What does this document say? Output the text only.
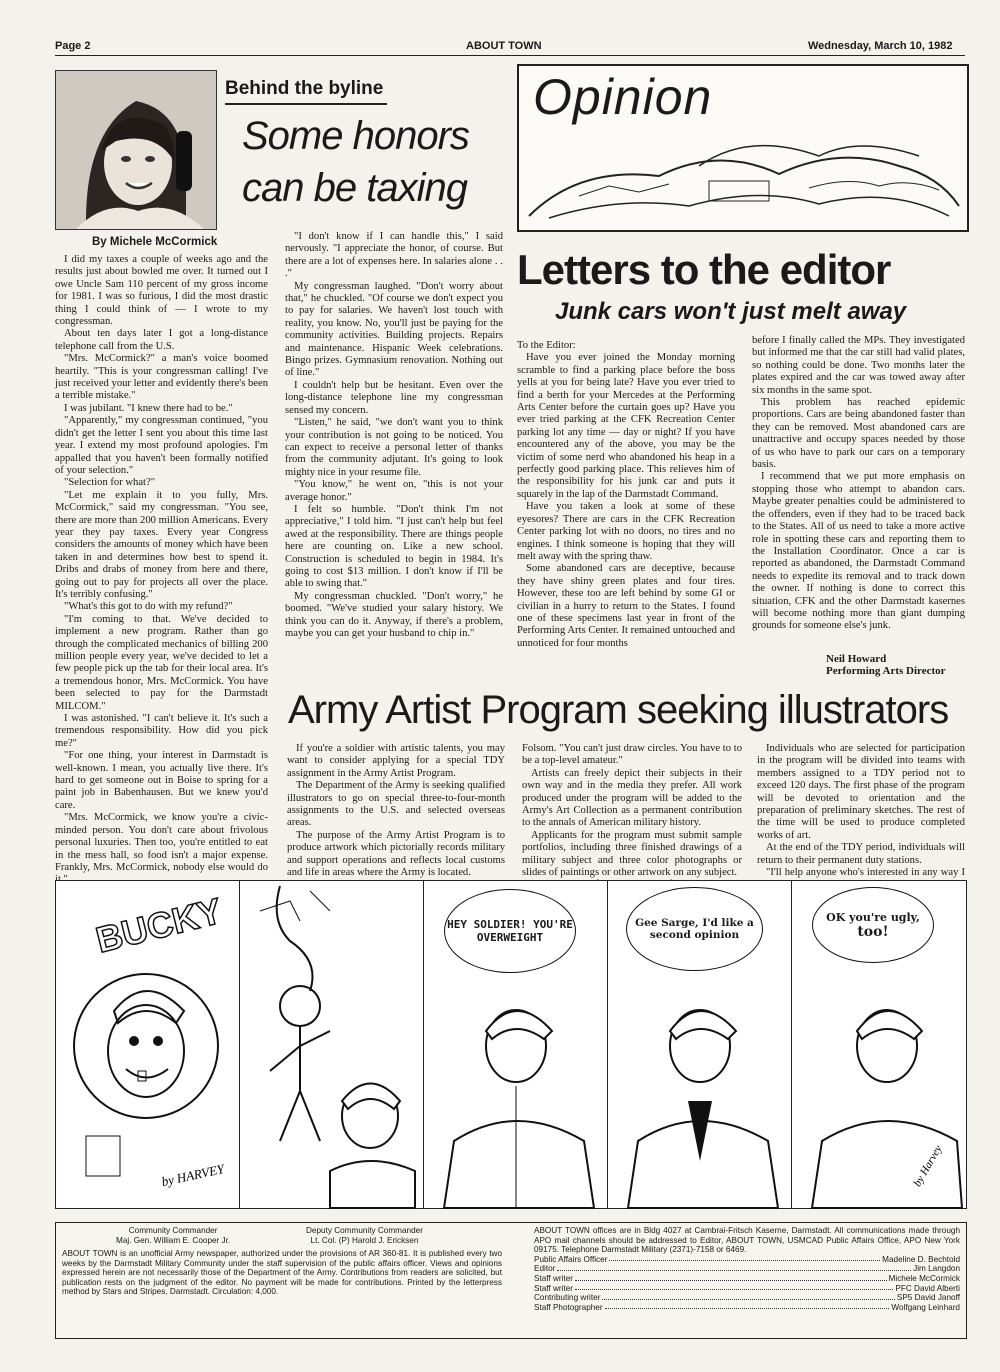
Page 2	ABOUT TOWN	Wednesday, March 10, 1982
Behind the byline
Some honors
can be taxing
By Michele McCormick

I did my taxes a couple of weeks ago and the results just about bowled me over. It turned out I owe Uncle Sam 110 percent of my gross income for 1981. I was so furious, I did the most drastic thing I could think of — I wrote to my congressman.

About ten days later I got a long-distance telephone call from the U.S.

"Mrs. McCormick?" a man's voice boomed heartily. "This is your congressman calling! I've just received your letter and evidently there's been a terrible mistake."

I was jubilant. "I knew there had to be."

"Apparently," my congressman continued, "you didn't get the letter I sent you about this time last year. I extend my most profound apologies. I'm appalled that you haven't been formally notified of your selection."

"Selection for what?"

"Let me explain it to you fully, Mrs. McCormick," said my congressman. "You see, there are more than 200 million Americans. Every year they pay taxes. Every year Congress considers the amounts of money which have been taken in and determines how best to spend it. Dribs and drabs of money from here and there, going out to pay for projects all over the place. It's terribly confusing."

"What's this got to do with my refund?"

"I'm coming to that. We've decided to implement a new program. Rather than go through the complicated mechanics of billing 200 million people every year, we've decided to let a few people pick up the tab for their local area. It's a tremendous honor, Mrs. McCormick. You have been selected to pay for the Darmstadt MILCOM."

I was astonished. "I can't believe it. It's such a tremendous responsibility. How did you pick me?"

"For one thing, your interest in Darmstadt is well-known. I mean, you actually live there. It's hard to get someone out in Boise to spring for a paint job in Babenhausen. But we knew you'd care.

"Mrs. McCormick, we know you're a civic-minded person. You don't care about frivolous personal luxuries. Then too, you're entitled to eat in the mess hall, so food isn't a major expense. Frankly, Mrs. McCormick, nobody else would do

"I don't know if I can handle this," I said nervously. "I appreciate the honor, of course. But there are a lot of expenses here. In salaries alone . . ."

My congressman laughed. "Don't worry about that," he chuckled. "Of course we don't expect you to pay for salaries. We haven't lost touch with reality, you know. No, you'll just be paying for the community activities. Building projects. Repairs and maintenance. Hispanic Week celebrations. Bingo prizes. Gymnasium renovation. Nothing out of line."

I couldn't help but be hesitant. Even over the long-distance telephone line my congressman sensed my concern.

"Listen," he said, "we don't want you to think your contribution is not going to be noticed. You can expect to receive a personal letter of thanks from the community adjutant. It's going to look mighty nice in your resume file.

"You know," he went on, "this is not your average honor."

I felt so humble. "Don't think I'm not appreciative," I told him. "I just can't help but feel awed at the responsibility. There are things people here are counting on. Like a new school. Construction is scheduled to begin in 1984. It's going to cost $13 million. I don't know if I'll be able to swing that."

My congressman chuckled. "Don't worry," he boomed. "We've studied your salary history. We think you can do it. Anyway, if there's a problem, maybe you can get your husband to chip in."

Opinion
Letters to the editor
Junk cars won't just melt away

To the Editor:

Have you ever joined the Monday morning scramble to find a parking place before the boss yells at you for being late? Have you ever tried to find a berth for your Mercedes at the Performing Arts Center before the curtain goes up? Have you ever tried parking at the CFK Recreation Center parking lot any time — day or night? If you have encountered any of the above, you may be the victim of some nerd who abandoned his heap in a perfectly good parking place. This relieves him of the responsibility for his junk car and puts it squarely in the lap of the Darmstadt Command.

Have you taken a look at some of these eyesores? There are cars in the CFK Recreation Center parking lot with no doors, no tires and no engines. I think someone is hoping that they will melt away with the spring thaw.

Some abandoned cars are deceptive, because they have shiny green plates and four tires. However, these too are left behind by some GI or civilian in a hurry to return to the States. I found one of these specimens last year in front of the Performing Arts Center. It remained untouched and unnoticed for four months

before I finally called the MPs. They investigated but informed me that the car still had valid plates, so nothing could be done. Two months later the plates expired and the car was towed away after six months in the same spot.

This problem has reached epidemic proportions. Cars are being abandoned faster than they can be removed. Most abandoned cars are unattractive and occupy spaces needed by those of us who have to park our cars on a temporary basis.

I recommend that we put more emphasis on stopping those who attempt to abandon cars. Maybe greater penalties could be administered to the offenders, even if they had to be traced back to the States. All of us need to take a more active role in spotting these cars and reporting them to the Installation Coordinator. Once a car is reported as abandoned, the Darmstadt Command needs to expedite its removal and to track down the owner. If nothing is done to correct this situation, CFK and the other Darmstadt kasernes will become nothing more than giant dumping grounds for someone else's junk.

Neil Howard
Performing Arts Director
Army Artist Program seeking illustrators

If you're a soldier with artistic talents, you may want to consider applying for a special TDY assignment in the Army Artist Program.

The Department of the Army is seeking qualified illustrators to go on special three-to-four-month assignments to the U.S. and selected overseas areas.

The purpose of the Army Artist Program is to produce artwork which pictorially records military and support operations and reflects local customs and life in areas where the Army is located.

Folsom. "You can't just draw circles. You have to to be a top-level amateur."

Artists can freely depict their subjects in their own way and in the media they prefer. All work produced under the program will be added to the Army's Art Collection as a permanent contribution to the annals of American military history.

Applicants for the program must submit sample portfolios, including three finished drawings of a military subject and three color photographs or slides of paintings or other artwork on any subject.

Individuals who are selected for participation in the program will be divided into teams with members assigned to a TDY period not to exceed 120 days. The first phase of the program will be devoted to orientation and the preparation of preliminary sketches. The rest of the time will be used to produce completed works of art.

At the end of the TDY period, individuals will return to their permanent duty stations.

"I'll help anyone who's interested in any way I

BUCKY
by HARVEY
HEY SOLDIER! YOU'RE OVERWEIGHT
Gee Sarge, I'd like a second opinion
OK you're ugly,
too!
by Harvey
Community Commander
Maj. Gen. William E. Cooper Jr.
Deputy Community Commander
Lt. Col. (P) Harold J. Ericksen
ABOUT TOWN is an unofficial Army newspaper, authorized under the provisions of AR 360-81. It is published every two weeks by the Darmstadt Military Community under the staff supervision of the public affairs officer. Views and opinions expressed herein are not necessarily those of the Department of the Army. Contributions from readers are solicited, but publication rests on the judgment of the editor. No payment will be made for contributions. Printed by the letterpress method by Stars and Stripes, Darmstadt. Circulation: 4,000.
ABOUT TOWN offices are in Bldg 4027 at Cambrai-Fritsch Kaserne, Darmstadt. All communications made through APO mail channels should be addressed to Editor, ABOUT TOWN, USMCAD Public Affairs Office, APO New York 09175. Telephone Darmstadt Military (2371)-7158 or 6469.
Public Affairs Officer	Madeline D. Bechtold
Editor	Jim Langdon
Staff writer	Michele McCormick
Staff writer	PFC David Alberti
Contributing writer	SP5 David Janoff
Staff Photographer	Wolfgang Leinhard
